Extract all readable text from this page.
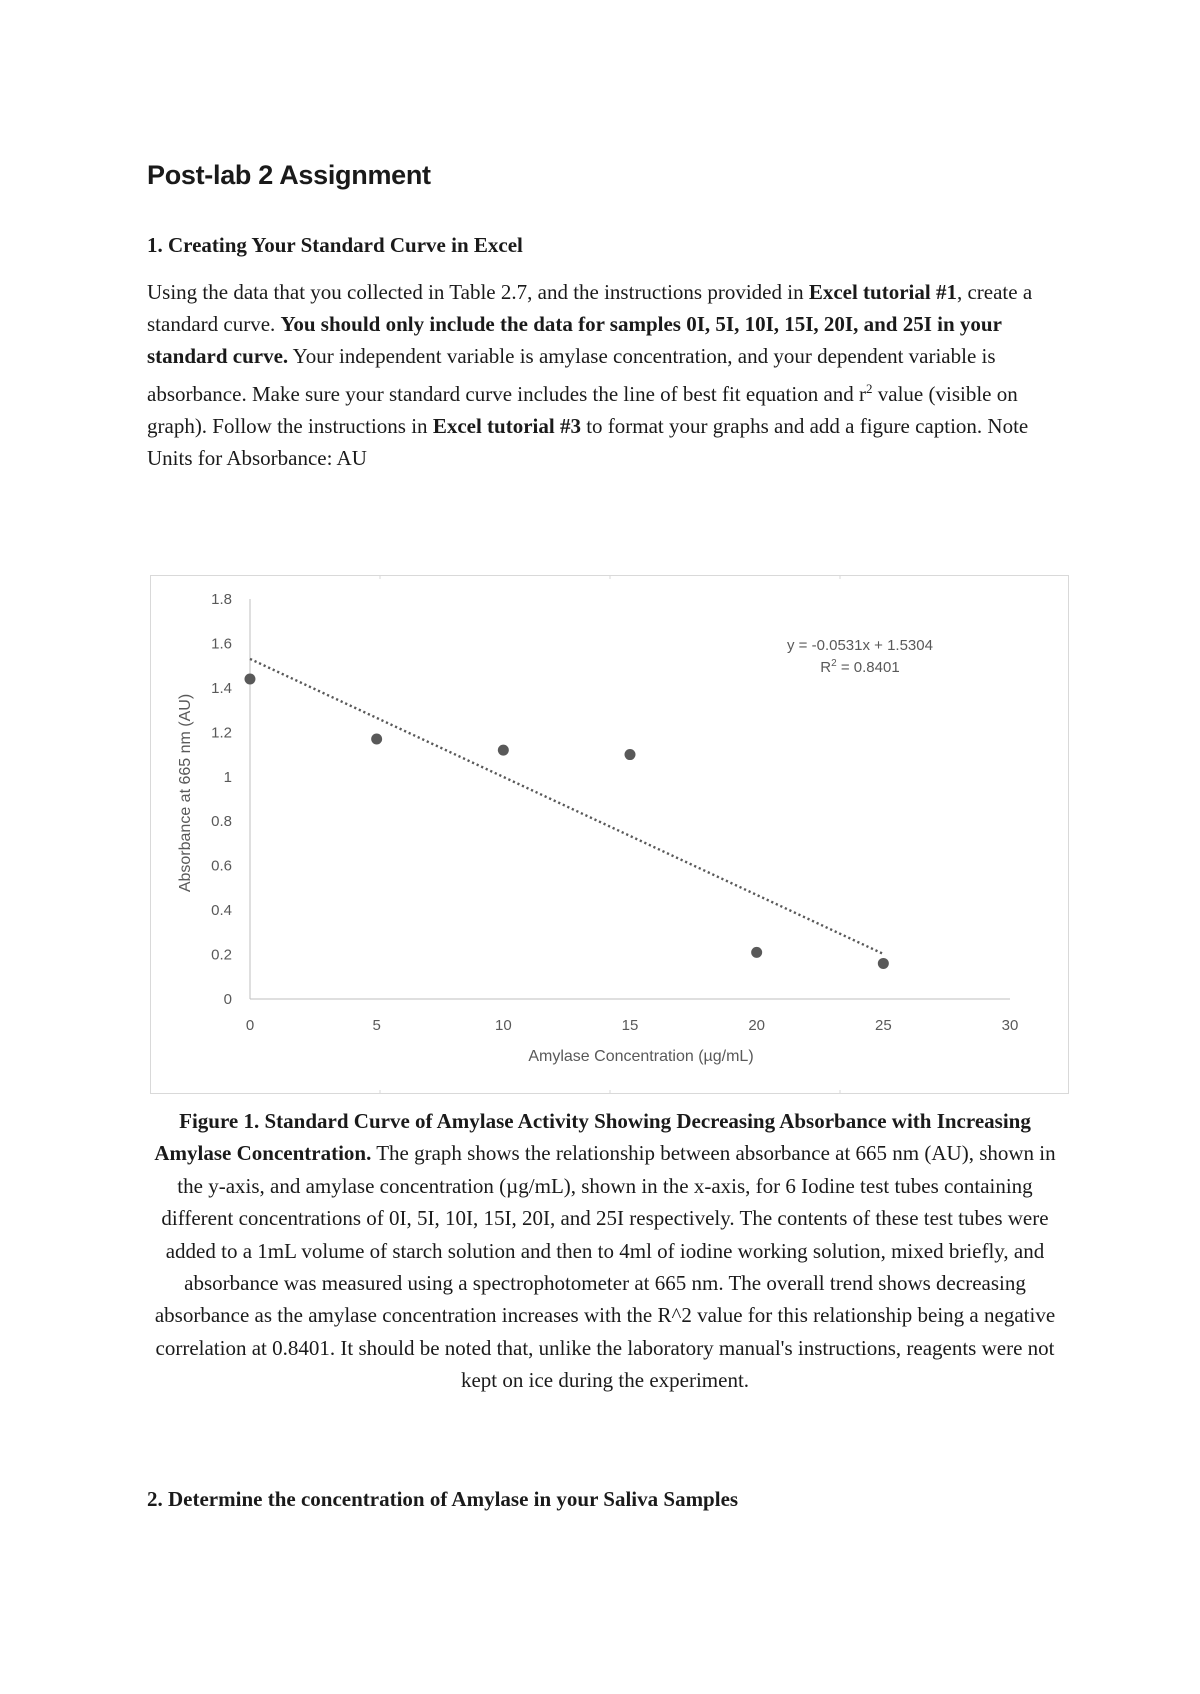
Post-lab 2 Assignment
1. Creating Your Standard Curve in Excel
Using the data that you collected in Table 2.7, and the instructions provided in Excel tutorial #1, create a standard curve. You should only include the data for samples 0I, 5I, 10I, 15I, 20I, and 25I in your standard curve. Your independent variable is amylase concentration, and your dependent variable is absorbance. Make sure your standard curve includes the line of best fit equation and $r^2$ value (visible on graph). Follow the instructions in Excel tutorial #3 to format your graphs and add a figure caption. Note Units for Absorbance: AU
0
0.2
0.4
0.6
0.8
1
1.2
1.4
1.6
1.8
0	5	10	15	20	25	30
Absorbance at 665 nm (AU)
Amylase Concentration (µg/mL)
y = -0.0531x + 1.5304
$R^2 = 0.8401$
Figure 1. Standard Curve of Amylase Activity Showing Decreasing Absorbance with Increasing Amylase Concentration. The graph shows the relationship between absorbance at 665 nm (AU), shown in the y-axis, and amylase concentration (µg/mL), shown in the x-axis, for 6 Iodine test tubes containing different concentrations of 0I, 5I, 10I, 15I, 20I, and 25I respectively. The contents of these test tubes were added to a 1mL volume of starch solution and then to 4ml of iodine working solution, mixed briefly, and absorbance was measured using a spectrophotometer at 665 nm. The overall trend shows decreasing absorbance as the amylase concentration increases with the R^2 value for this relationship being a negative correlation at 0.8401. It should be noted that, unlike the laboratory manual's instructions, reagents were not kept on ice during the experiment.
2. Determine the concentration of Amylase in your Saliva Samples
